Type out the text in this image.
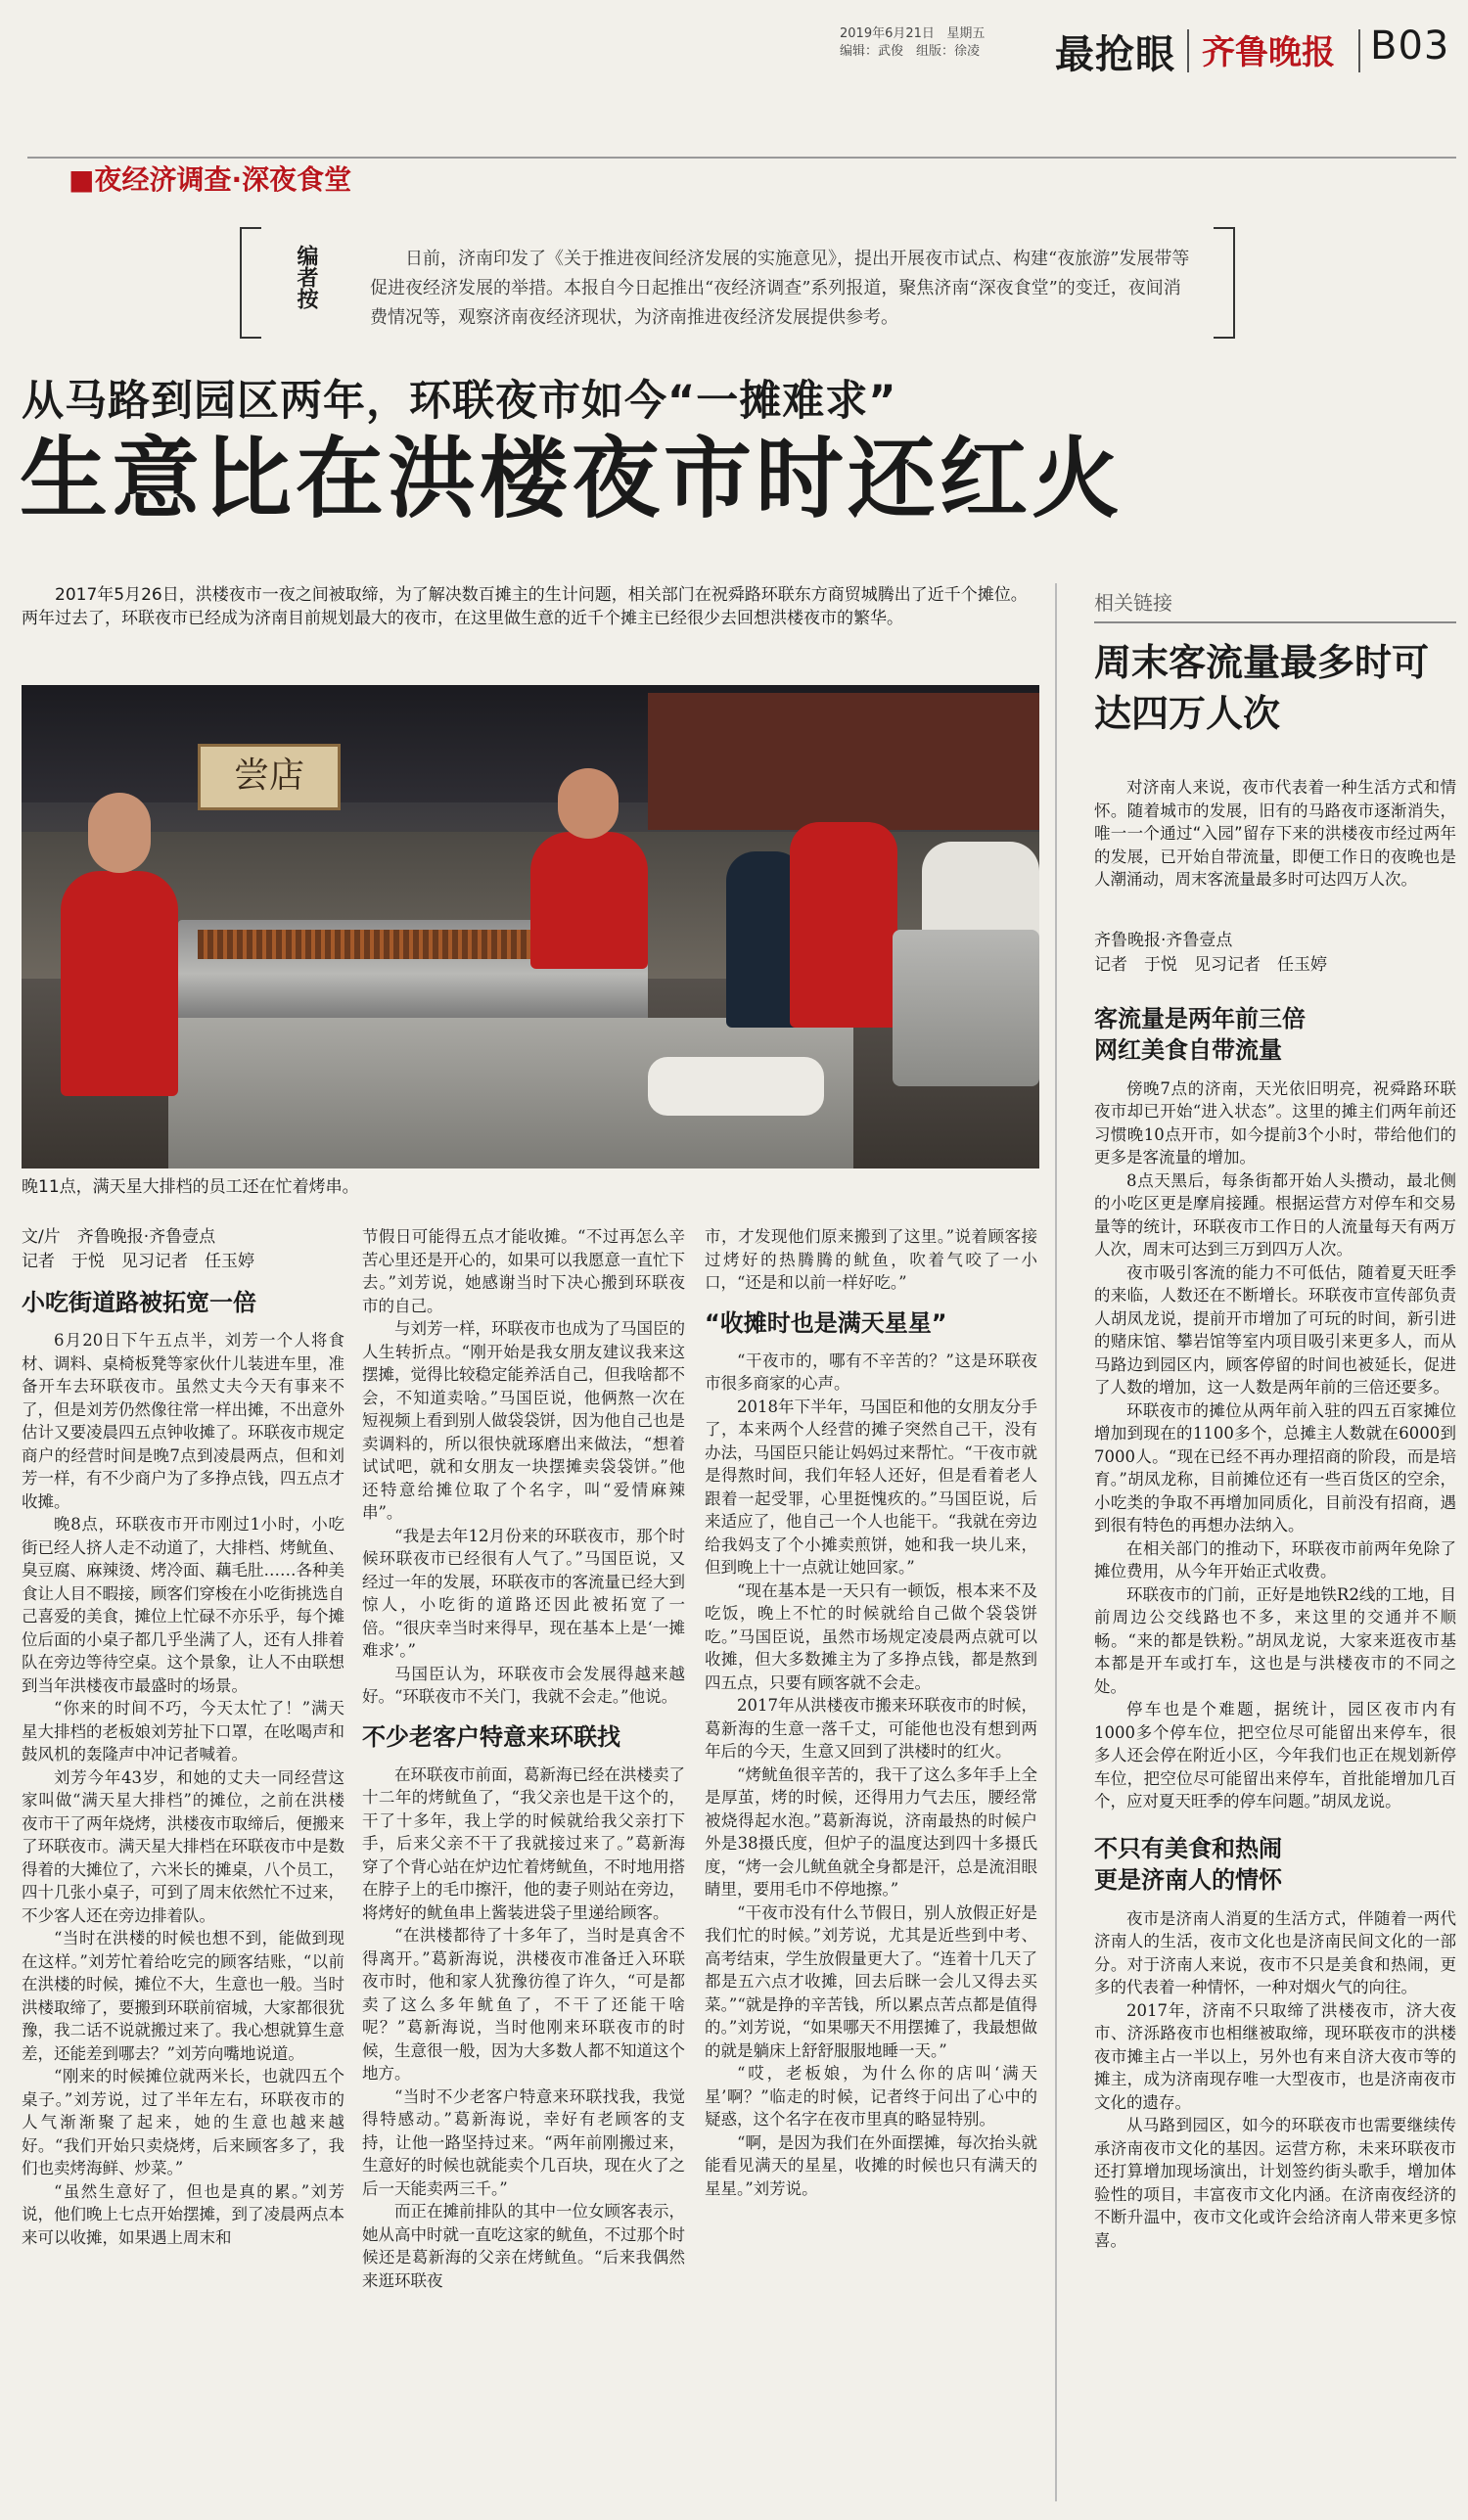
2019年6月21日 星期五
编辑：武俊　组版：徐凌 最抢眼 齐鲁晚报 B03
■夜经济调查·深夜食堂
编者按	日前，济南印发了《关于推进夜间经济发展的实施意见》，提出开展夜市试点、构建“夜旅游”发展带等促进夜经济发展的举措。本报自今日起推出“夜经济调查”系列报道，聚焦济南“深夜食堂”的变迁，夜间消费情况等，观察济南夜经济现状，为济南推进夜经济发展提供参考。
从马路到园区两年，环联夜市如今“一摊难求”
生意比在洪楼夜市时还红火
2017年5月26日，洪楼夜市一夜之间被取缔，为了解决数百摊主的生计问题，相关部门在祝舜路环联东方商贸城腾出了近千个摊位。两年过去了，环联夜市已经成为济南目前规划最大的夜市，在这里做生意的近千个摊主已经很少去回想洪楼夜市的繁华。
尝店
晚11点，满天星大排档的员工还在忙着烤串。
文/片　齐鲁晚报·齐鲁壹点
记者　于悦　见习记者　任玉婷
小吃街道路被拓宽一倍

6月20日下午五点半，刘芳一个人将食材、调料、桌椅板凳等家伙什儿装进车里，准备开车去环联夜市。虽然丈夫今天有事来不了，但是刘芳仍然像往常一样出摊，不出意外估计又要凌晨四五点钟收摊了。环联夜市规定商户的经营时间是晚7点到凌晨两点，但和刘芳一样，有不少商户为了多挣点钱，四五点才收摊。

晚8点，环联夜市开市刚过1小时，小吃街已经人挤人走不动道了，大排档、烤鱿鱼、臭豆腐、麻辣烫、烤冷面、藕毛肚……各种美食让人目不暇接，顾客们穿梭在小吃街挑选自己喜爱的美食，摊位上忙碌不亦乐乎，每个摊位后面的小桌子都几乎坐满了人，还有人排着队在旁边等待空桌。这个景象，让人不由联想到当年洪楼夜市最盛时的场景。

“你来的时间不巧，今天太忙了！”满天星大排档的老板娘刘芳扯下口罩，在吆喝声和鼓风机的轰隆声中冲记者喊着。

刘芳今年43岁，和她的丈夫一同经营这家叫做“满天星大排档”的摊位，之前在洪楼夜市干了两年烧烤，洪楼夜市取缔后，便搬来了环联夜市。满天星大排档在环联夜市中是数得着的大摊位了，六米长的摊桌，八个员工，四十几张小桌子，可到了周末依然忙不过来，不少客人还在旁边排着队。

“当时在洪楼的时候也想不到，能做到现在这样。”刘芳忙着给吃完的顾客结账，“以前在洪楼的时候，摊位不大，生意也一般。当时洪楼取缔了，要搬到环联前宿城，大家都很犹豫，我二话不说就搬过来了。我心想就算生意差，还能差到哪去？”刘芳向嘴地说道。

“刚来的时候摊位就两米长，也就四五个桌子。”刘芳说，过了半年左右，环联夜市的人气渐渐聚了起来，她的生意也越来越好。“我们开始只卖烧烤，后来顾客多了，我们也卖烤海鲜、炒菜。”

“虽然生意好了，但也是真的累。”刘芳说，他们晚上七点开始摆摊，到了凌晨两点本来可以收摊，如果遇上周末和

节假日可能得五点才能收摊。“不过再怎么辛苦心里还是开心的，如果可以我愿意一直忙下去。”刘芳说，她感谢当时下决心搬到环联夜市的自己。

与刘芳一样，环联夜市也成为了马国臣的人生转折点。“刚开始是我女朋友建议我来这摆摊，觉得比较稳定能养活自己，但我啥都不会，不知道卖啥。”马国臣说，他俩熬一次在短视频上看到别人做袋袋饼，因为他自己也是卖调料的，所以很快就琢磨出来做法，“想着试试吧，就和女朋友一块摆摊卖袋袋饼。”他还特意给摊位取了个名字，叫“爱情麻辣串”。

“我是去年12月份来的环联夜市，那个时候环联夜市已经很有人气了。”马国臣说，又经过一年的发展，环联夜市的客流量已经大到惊人，小吃街的道路还因此被拓宽了一倍。“很庆幸当时来得早，现在基本上是‘一摊难求’。”

马国臣认为，环联夜市会发展得越来越好。“环联夜市不关门，我就不会走。”他说。

不少老客户特意来环联找

在环联夜市前面，葛新海已经在洪楼卖了十二年的烤鱿鱼了，“我父亲也是干这个的，干了十多年，我上学的时候就给我父亲打下手，后来父亲不干了我就接过来了。”葛新海穿了个背心站在炉边忙着烤鱿鱼，不时地用搭在脖子上的毛巾擦汗，他的妻子则站在旁边，将烤好的鱿鱼串上酱装进袋子里递给顾客。

“在洪楼都待了十多年了，当时是真舍不得离开。”葛新海说，洪楼夜市准备迁入环联夜市时，他和家人犹豫彷徨了许久，“可是都卖了这么多年鱿鱼了，不干了还能干啥呢？”葛新海说，当时他刚来环联夜市的时候，生意很一般，因为大多数人都不知道这个地方。

“当时不少老客户特意来环联找我，我觉得特感动。”葛新海说，幸好有老顾客的支持，让他一路坚持过来。“两年前刚搬过来，生意好的时候也就能卖个几百块，现在火了之后一天能卖两三千。”

而正在摊前排队的其中一位女顾客表示，她从高中时就一直吃这家的鱿鱼，不过那个时候还是葛新海的父亲在烤鱿鱼。“后来我偶然来逛环联夜

市，才发现他们原来搬到了这里。”说着顾客接过烤好的热腾腾的鱿鱼，吹着气咬了一小口，“还是和以前一样好吃。”

“收摊时也是满天星星”

“干夜市的，哪有不辛苦的？”这是环联夜市很多商家的心声。

2018年下半年，马国臣和他的女朋友分手了，本来两个人经营的摊子突然自己干，没有办法，马国臣只能让妈妈过来帮忙。“干夜市就是得熬时间，我们年轻人还好，但是看着老人跟着一起受罪，心里挺愧疚的。”马国臣说，后来适应了，他自己一个人也能干。“我就在旁边给我妈支了个小摊卖煎饼，她和我一块儿来，但到晚上十一点就让她回家。”

“现在基本是一天只有一顿饭，根本来不及吃饭，晚上不忙的时候就给自己做个袋袋饼吃。”马国臣说，虽然市场规定凌晨两点就可以收摊，但大多数摊主为了多挣点钱，都是熬到四五点，只要有顾客就不会走。

2017年从洪楼夜市搬来环联夜市的时候，葛新海的生意一落千丈，可能他也没有想到两年后的今天，生意又回到了洪楼时的红火。

“烤鱿鱼很辛苦的，我干了这么多年手上全是厚茧，烤的时候，还得用力气去压，腰经常被烧得起水泡。”葛新海说，济南最热的时候户外是38摄氏度，但炉子的温度达到四十多摄氏度，“烤一会儿鱿鱼就全身都是汗，总是流泪眼睛里，要用毛巾不停地擦。”

“干夜市没有什么节假日，别人放假正好是我们忙的时候。”刘芳说，尤其是近些到中考、高考结束，学生放假量更大了。“连着十几天了都是五六点才收摊，回去后眯一会儿又得去买菜。”“就是挣的辛苦钱，所以累点苦点都是值得的。”刘芳说，“如果哪天不用摆摊了，我最想做的就是躺床上舒舒服服地睡一天。”

“哎，老板娘，为什么你的店叫‘满天星’啊？”临走的时候，记者终于问出了心中的疑惑，这个名字在夜市里真的略显特别。

“啊，是因为我们在外面摆摊，每次抬头就能看见满天的星星，收摊的时候也只有满天的星星。”刘芳说。

相关链接
周末客流量最多时可达四万人次
对济南人来说，夜市代表着一种生活方式和情怀。随着城市的发展，旧有的马路夜市逐渐消失，唯一一个通过“入园”留存下来的洪楼夜市经过两年的发展，已开始自带流量，即便工作日的夜晚也是人潮涌动，周末客流量最多时可达四万人次。
齐鲁晚报·齐鲁壹点
记者　于悦　见习记者　任玉婷
客流量是两年前三倍
网红美食自带流量

傍晚7点的济南，天光依旧明亮，祝舜路环联夜市却已开始“进入状态”。这里的摊主们两年前还习惯晚10点开市，如今提前3个小时，带给他们的更多是客流量的增加。

8点天黑后，每条街都开始人头攒动，最北侧的小吃区更是摩肩接踵。根据运营方对停车和交易量等的统计，环联夜市工作日的人流量每天有两万人次，周末可达到三万到四万人次。

夜市吸引客流的能力不可低估，随着夏天旺季的来临，人数还在不断增长。环联夜市宣传部负责人胡凤龙说，提前开市增加了可玩的时间，新引进的赌床馆、攀岩馆等室内项目吸引来更多人，而从马路边到园区内，顾客停留的时间也被延长，促进了人数的增加，这一人数是两年前的三倍还要多。

环联夜市的摊位从两年前入驻的四五百家摊位增加到现在的1100多个，总摊主人数就在6000到7000人。“现在已经不再办理招商的阶段，而是培育。”胡凤龙称，目前摊位还有一些百货区的空余，小吃类的争取不再增加同质化，目前没有招商，遇到很有特色的再想办法纳入。

在相关部门的推动下，环联夜市前两年免除了摊位费用，从今年开始正式收费。

环联夜市的门前，正好是地铁R2线的工地，目前周边公交线路也不多，来这里的交通并不顺畅。“来的都是铁粉。”胡凤龙说，大家来逛夜市基本都是开车或打车，这也是与洪楼夜市的不同之处。

停车也是个难题，据统计，园区夜市内有1000多个停车位，把空位尽可能留出来停车，很多人还会停在附近小区，今年我们也正在规划新停车位，把空位尽可能留出来停车，首批能增加几百个，应对夏天旺季的停车问题。”胡凤龙说。

不只有美食和热闹
更是济南人的情怀

夜市是济南人消夏的生活方式，伴随着一两代济南人的生活，夜市文化也是济南民间文化的一部分。对于济南人来说，夜市不只是美食和热闹，更多的代表着一种情怀，一种对烟火气的向往。

2017年，济南不只取缔了洪楼夜市，济大夜市、济泺路夜市也相继被取缔，现环联夜市的洪楼夜市摊主占一半以上，另外也有来自济大夜市等的摊主，成为济南现存唯一大型夜市，也是济南夜市文化的遗存。

从马路到园区，如今的环联夜市也需要继续传承济南夜市文化的基因。运营方称，未来环联夜市还打算增加现场演出，计划签约街头歌手，增加体验性的项目，丰富夜市文化内涵。在济南夜经济的不断升温中，夜市文化或许会给济南人带来更多惊喜。
